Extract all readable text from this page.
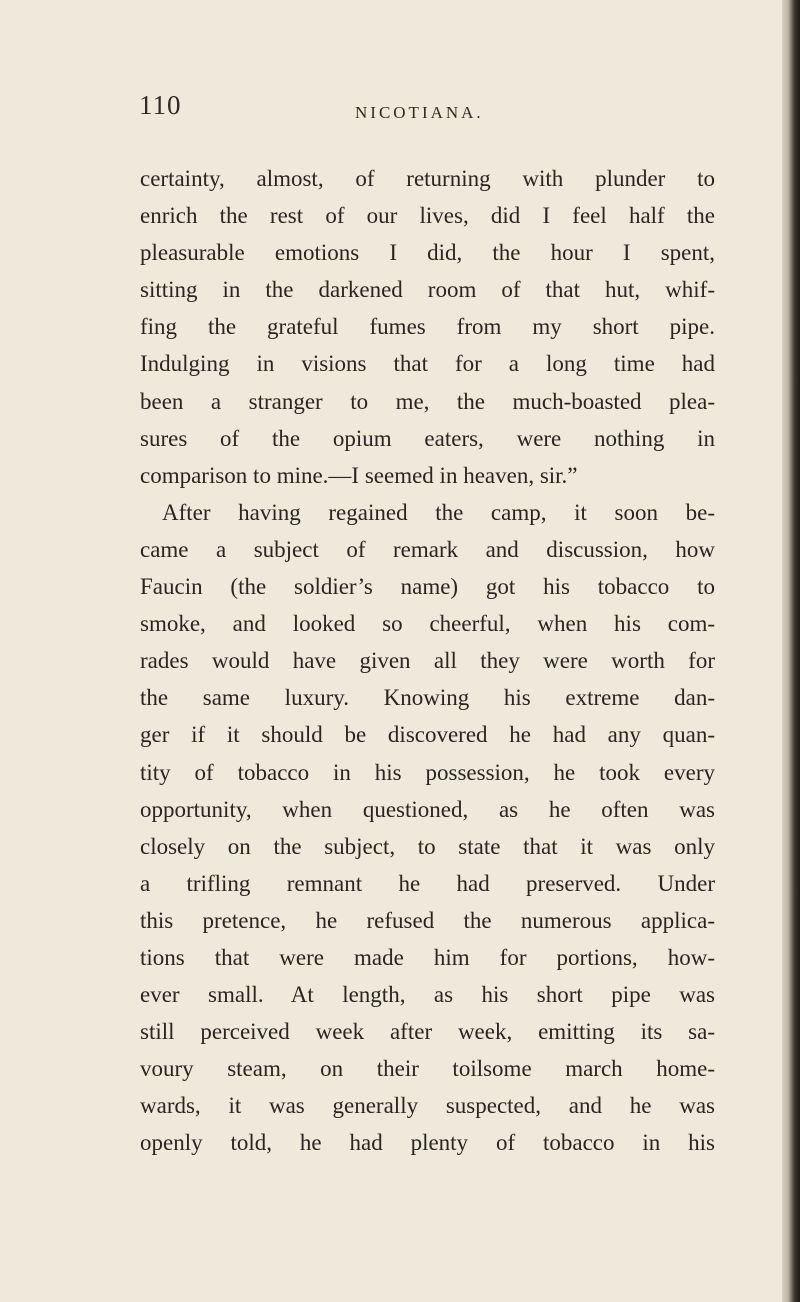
110	NICOTIANA.
certainty, almost, of returning with plunder to
enrich the rest of our lives, did I feel half the
pleasurable emotions I did, the hour I spent,
sitting in the darkened room of that hut, whif-
fing the grateful fumes from my short pipe.
Indulging in visions that for a long time had
been a stranger to me, the much-boasted plea-
sures of the opium eaters, were nothing in
comparison to mine.—I seemed in heaven, sir.”
After having regained the camp, it soon be-
came a subject of remark and discussion, how
Faucin (the soldier’s name) got his tobacco to
smoke, and looked so cheerful, when his com-
rades would have given all they were worth for
the same luxury. Knowing his extreme dan-
ger if it should be discovered he had any quan-
tity of tobacco in his possession, he took every
opportunity, when questioned, as he often was
closely on the subject, to state that it was only
a trifling remnant he had preserved. Under
this pretence, he refused the numerous applica-
tions that were made him for portions, how-
ever small. At length, as his short pipe was
still perceived week after week, emitting its sa-
voury steam, on their toilsome march home-
wards, it was generally suspected, and he was
openly told, he had plenty of tobacco in his
